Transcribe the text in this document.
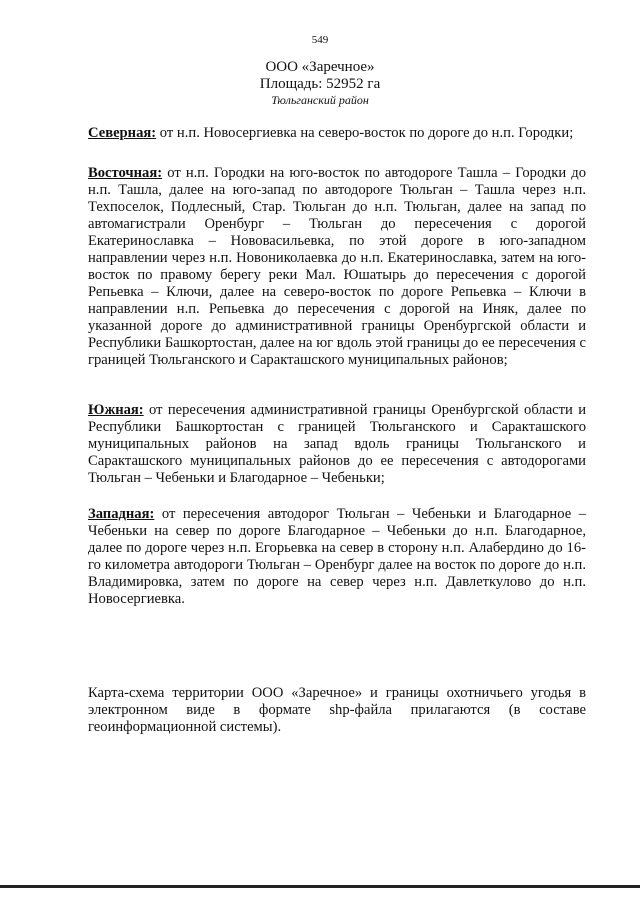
549
ООО «Заречное»
Площадь: 52952 га
Тюльганский район

Северная: от н.п. Новосергиевка на северо-восток по дороге до н.п. Городки;

Восточная: от н.п. Городки на юго-восток по автодороге Ташла – Городки до н.п. Ташла, далее на юго-запад по автодороге Тюльган – Ташла через н.п. Техпоселок, Подлесный, Стар. Тюльган до н.п. Тюльган, далее на запад по автомагистрали Оренбург – Тюльган до пересечения с дорогой Екатеринославка – Нововасильевка, по этой дороге в юго-западном направлении через н.п. Новониколаевка до н.п. Екатеринославка, затем на юго-восток по правому берегу реки Мал. Юшатырь до пересечения с дорогой Репьевка – Ключи, далее на северо-восток по дороге Репьевка – Ключи в направлении н.п. Репьевка до пересечения с дорогой на Иняк, далее по указанной дороге до административной границы Оренбургской области и Республики Башкортостан, далее на юг вдоль этой границы до ее пересечения с границей Тюльганского и Саракташского муниципальных районов;

Южная: от пересечения административной границы Оренбургской области и Республики Башкортостан с границей Тюльганского и Саракташского муниципальных районов на запад вдоль границы Тюльганского и Саракташского муниципальных районов до ее пересечения с автодорогами Тюльган – Чебеньки и Благодарное – Чебеньки;

Западная: от пересечения автодорог Тюльган – Чебеньки и Благодарное – Чебеньки на север по дороге Благодарное – Чебеньки до н.п. Благодарное, далее по дороге через н.п. Егорьевка на север в сторону н.п. Алабердино до 16-го километра автодороги Тюльган – Оренбург далее на восток по дороге до н.п. Владимировка, затем по дороге на север через н.п. Давлеткулово до н.п. Новосергиевка.

Карта-схема территории ООО «Заречное» и границы охотничьего угодья в электронном виде в формате shp-файла прилагаются (в составе геоинформационной системы).
